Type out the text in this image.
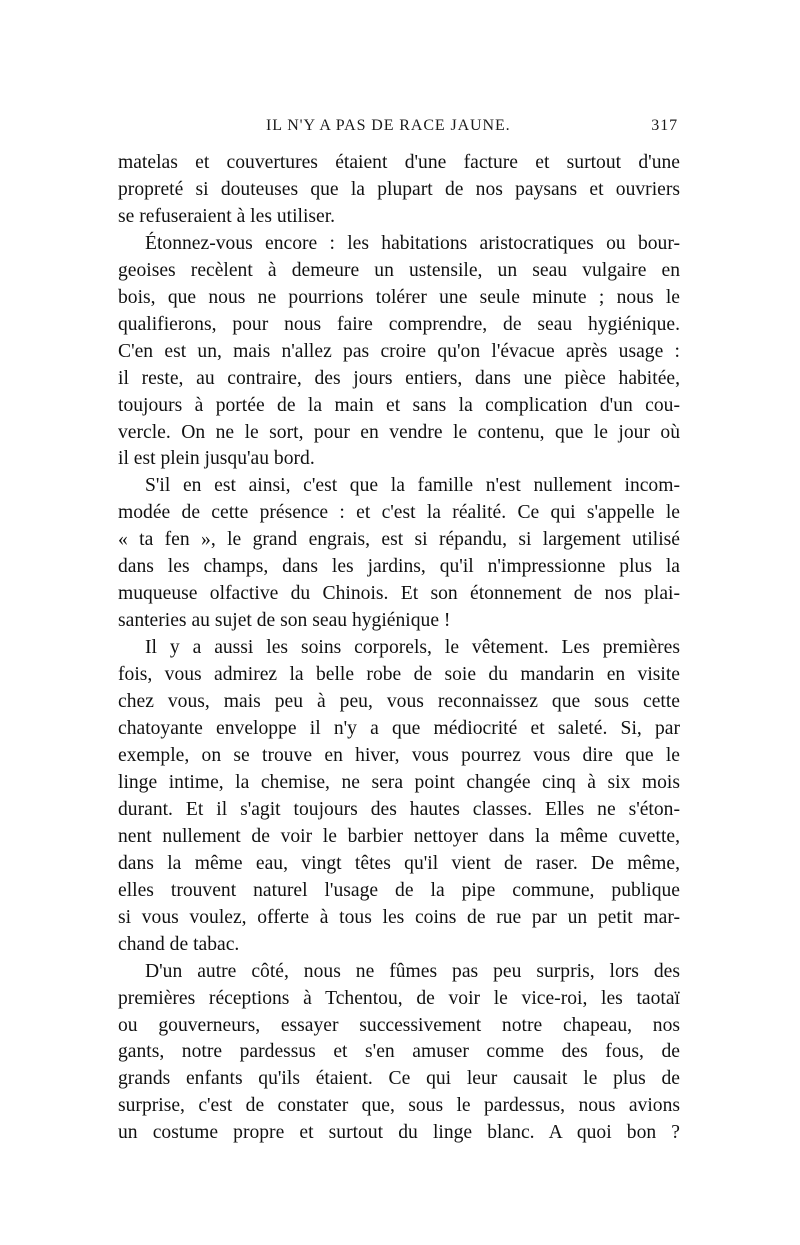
IL N'Y A PAS DE RACE JAUNE.	317

matelas et couvertures étaient d'une facture et surtout d'une
propreté si douteuses que la plupart de nos paysans et ouvriers
se refuseraient à les utiliser.

Étonnez-vous encore : les habitations aristocratiques ou bour-
geoises recèlent à demeure un ustensile, un seau vulgaire en
bois, que nous ne pourrions tolérer une seule minute ; nous le
qualifierons, pour nous faire comprendre, de seau hygiénique.
C'en est un, mais n'allez pas croire qu'on l'évacue après usage :
il reste, au contraire, des jours entiers, dans une pièce habitée,
toujours à portée de la main et sans la complication d'un cou-
vercle. On ne le sort, pour en vendre le contenu, que le jour où
il est plein jusqu'au bord.

S'il en est ainsi, c'est que la famille n'est nullement incom-
modée de cette présence : et c'est la réalité. Ce qui s'appelle le
« ta fen », le grand engrais, est si répandu, si largement utilisé
dans les champs, dans les jardins, qu'il n'impressionne plus la
muqueuse olfactive du Chinois. Et son étonnement de nos plai-
santeries au sujet de son seau hygiénique !

Il y a aussi les soins corporels, le vêtement. Les premières
fois, vous admirez la belle robe de soie du mandarin en visite
chez vous, mais peu à peu, vous reconnaissez que sous cette
chatoyante enveloppe il n'y a que médiocrité et saleté. Si, par
exemple, on se trouve en hiver, vous pourrez vous dire que le
linge intime, la chemise, ne sera point changée cinq à six mois
durant. Et il s'agit toujours des hautes classes. Elles ne s'éton-
nent nullement de voir le barbier nettoyer dans la même cuvette,
dans la même eau, vingt têtes qu'il vient de raser. De même,
elles trouvent naturel l'usage de la pipe commune, publique
si vous voulez, offerte à tous les coins de rue par un petit mar-
chand de tabac.

D'un autre côté, nous ne fûmes pas peu surpris, lors des
premières réceptions à Tchentou, de voir le vice-roi, les taotaï
ou gouverneurs, essayer successivement notre chapeau, nos
gants, notre pardessus et s'en amuser comme des fous, de
grands enfants qu'ils étaient. Ce qui leur causait le plus de
surprise, c'est de constater que, sous le pardessus, nous avions
un costume propre et surtout du linge blanc. A quoi bon ?
